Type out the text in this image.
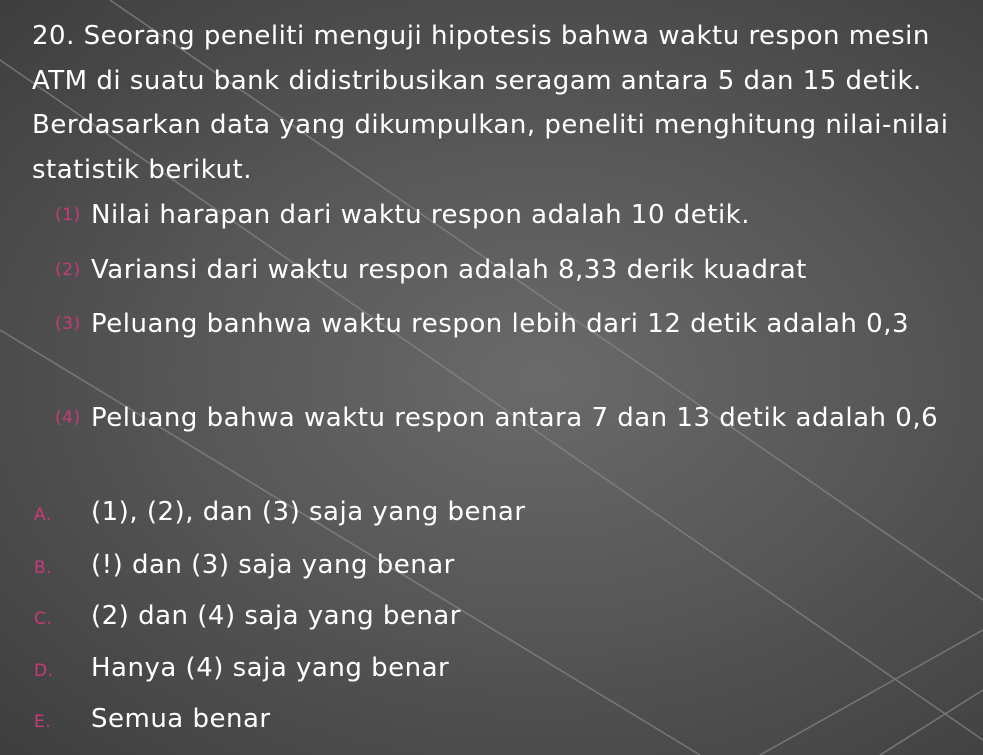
20. Seorang peneliti menguji hipotesis bahwa waktu respon mesin ATM di suatu bank didistribusikan seragam antara 5 dan 15 detik. Berdasarkan data yang dikumpulkan, peneliti menghitung nilai-nilai statistik berikut.
(1) Nilai harapan dari waktu respon adalah 10 detik.
(2) Variansi dari waktu respon adalah 8,33 derik kuadrat
(3) Peluang banhwa waktu respon lebih dari 12 detik adalah 0,3
(4) Peluang bahwa waktu respon antara 7 dan 13 detik adalah 0,6
A. (1), (2), dan (3) saja yang benar
B. (!) dan (3) saja yang benar
C. (2) dan (4) saja yang benar
D. Hanya (4) saja yang benar
E. Semua benar
